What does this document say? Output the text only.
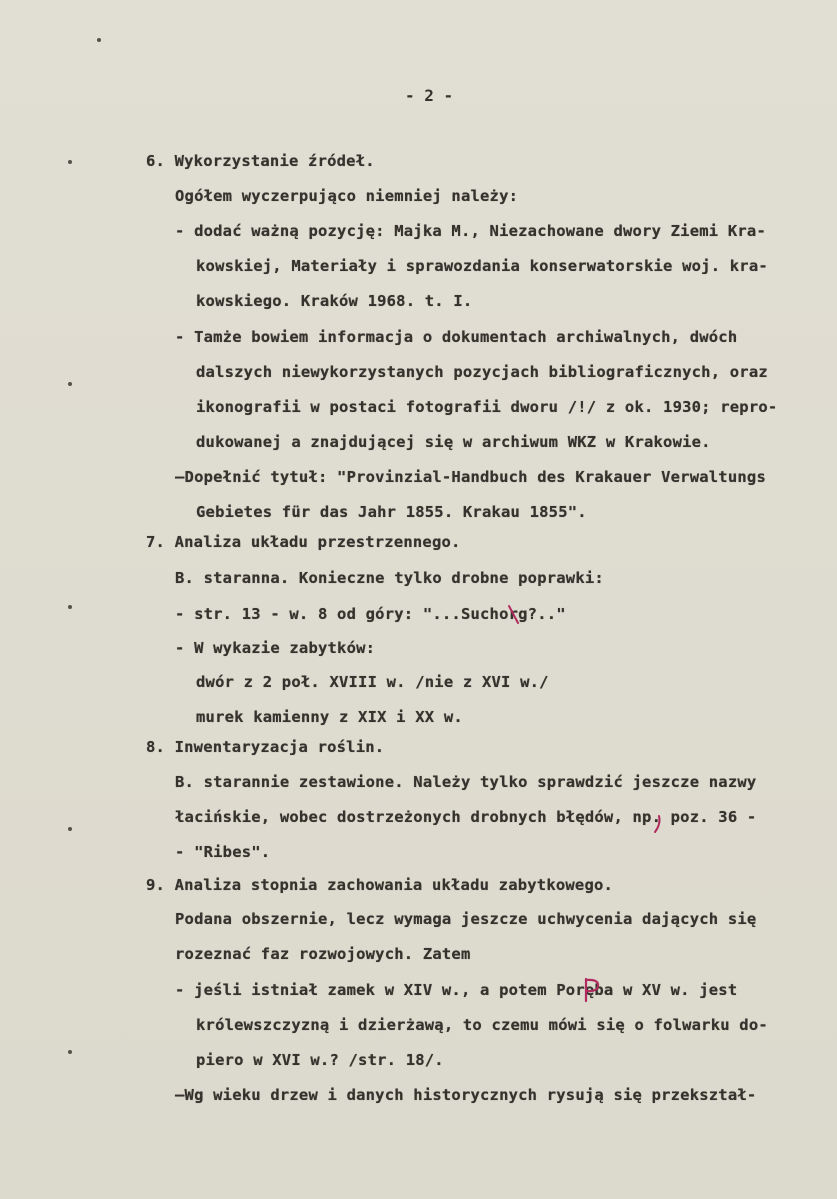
- 2 -
6. Wykorzystanie źródeł.
Ogółem wyczerpująco niemniej należy:
- dodać ważną pozycję: Majka M., Niezachowane dwory Ziemi Kra-
kowskiej, Materiały i sprawozdania konserwatorskie woj. kra-
kowskiego. Kraków 1968. t. I.
- Tamże bowiem informacja o dokumentach archiwalnych, dwóch
dalszych niewykorzystanych pozycjach bibliograficznych, oraz
ikonografii w postaci fotografii dworu /!/ z ok. 1930; repro-
dukowanej a znajdującej się w archiwum WKZ w Krakowie.
—Dopełnić tytuł: "Provinzial-Handbuch des Krakauer Verwaltungs
Gebietes für das Jahr 1855. Krakau 1855".
7. Analiza układu przestrzennego.
B. staranna. Konieczne tylko drobne poprawki:
- str. 13 - w. 8 od góry: "...Suchorg?.."
- W wykazie zabytków:
dwór z 2 poł. XVIII w. /nie z XVI w./
murek kamienny z XIX i XX w.
8. Inwentaryzacja roślin.
B. starannie zestawione. Należy tylko sprawdzić jeszcze nazwy
łacińskie, wobec dostrzeżonych drobnych błędów, np. poz. 36 -
- "Ribes".
9. Analiza stopnia zachowania układu zabytkowego.
Podana obszernie, lecz wymaga jeszcze uchwycenia dających się
rozeznać faz rozwojowych. Zatem
- jeśli istniał zamek w XIV w., a potem Poręba w XV w. jest
królewszczyzną i dzierżawą, to czemu mówi się o folwarku do-
piero w XVI w.? /str. 18/.
—Wg wieku drzew i danych historycznych rysują się przekształ-
